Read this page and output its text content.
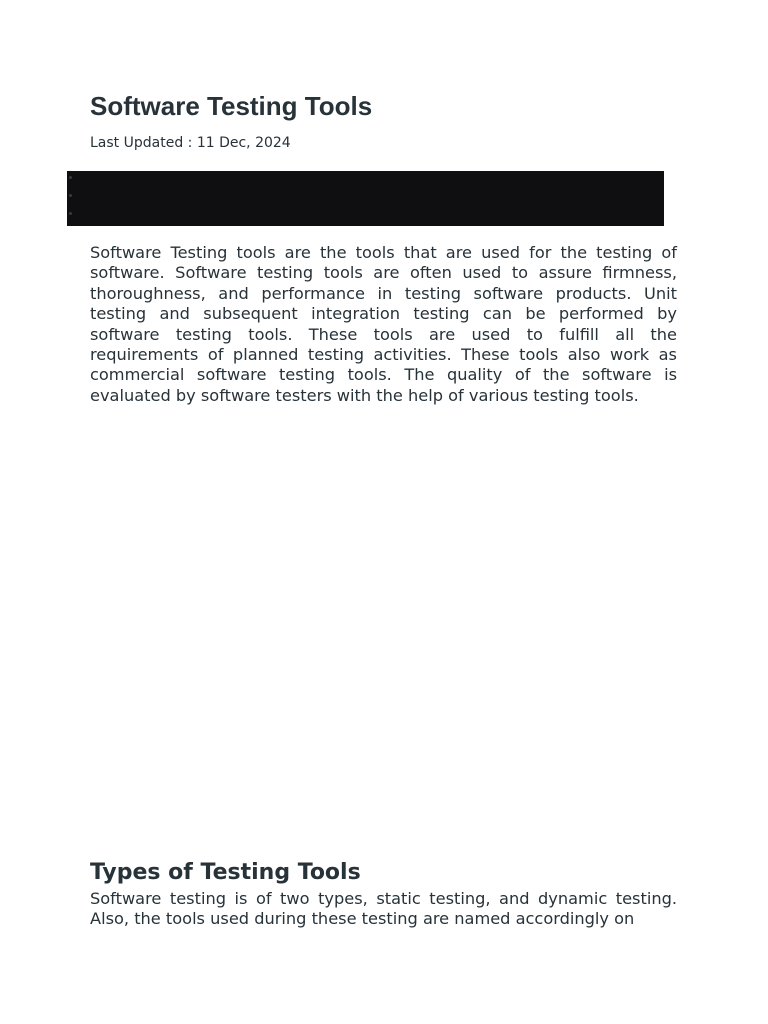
Software Testing Tools
Last Updated : 11 Dec, 2024

Software Testing tools are the tools that are used for the testing of software. Software testing tools are often used to assure firmness, thoroughness, and performance in testing software products. Unit testing and subsequent integration testing can be performed by software testing tools. These tools are used to fulfill all the requirements of planned testing activities. These tools also work as commercial software testing tools. The quality of the software is evaluated by software testers with the help of various testing tools.

Types of Testing Tools

Software testing is of two types, static testing, and dynamic testing. Also, the tools used during these testing are named accordingly on
